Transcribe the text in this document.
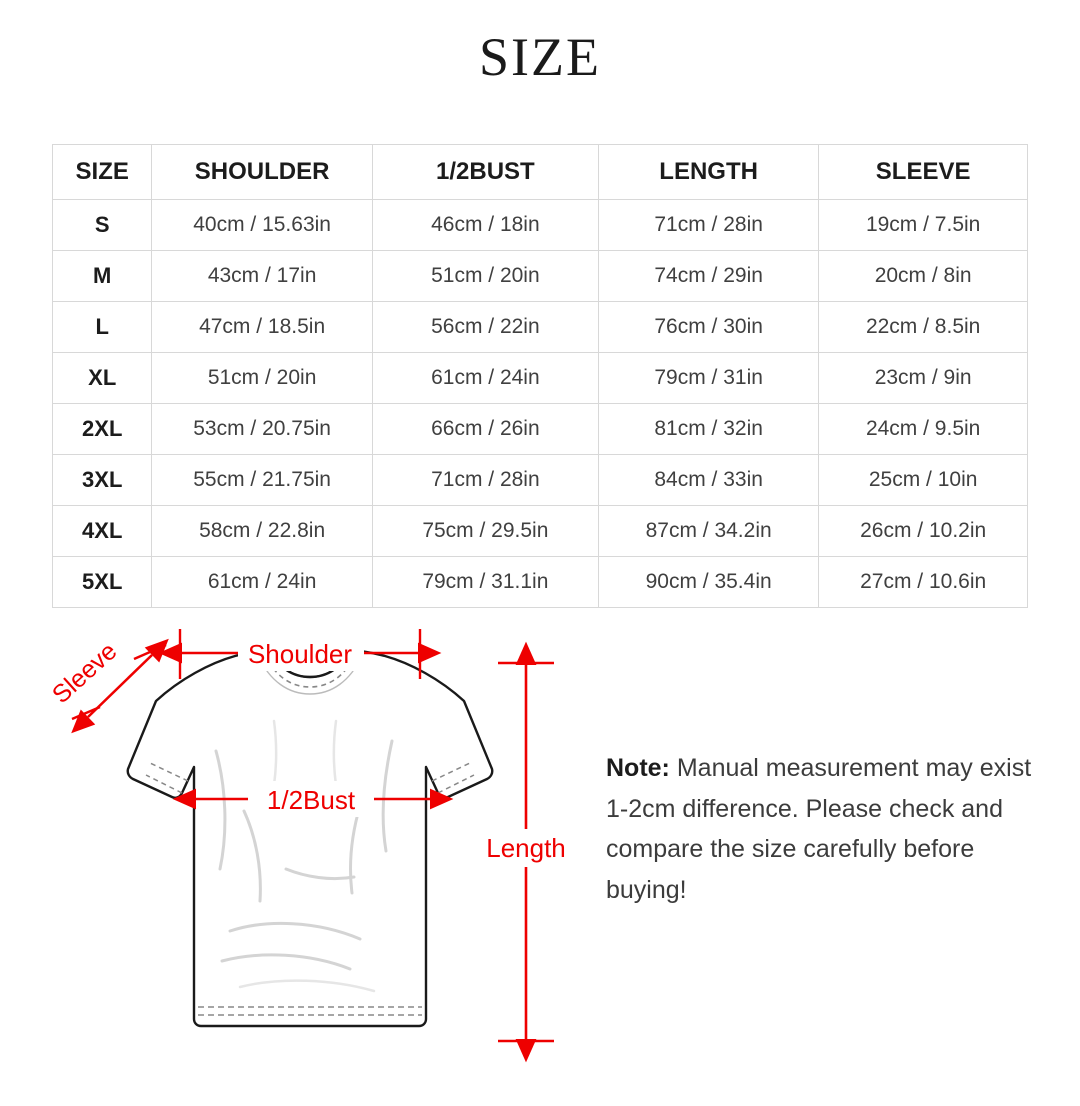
SIZE
SIZE	SHOULDER	1/2BUST	LENGTH	SLEEVE
S	40cm / 15.63in	46cm / 18in	71cm / 28in	19cm / 7.5in
M	43cm / 17in	51cm / 20in	74cm / 29in	20cm / 8in
L	47cm / 18.5in	56cm / 22in	76cm / 30in	22cm / 8.5in
XL	51cm / 20in	61cm / 24in	79cm / 31in	23cm / 9in
2XL	53cm / 20.75in	66cm / 26in	81cm / 32in	24cm / 9.5in
3XL	55cm / 21.75in	71cm / 28in	84cm / 33in	25cm / 10in
4XL	58cm / 22.8in	75cm / 29.5in	87cm / 34.2in	26cm / 10.2in
5XL	61cm / 24in	79cm / 31.1in	90cm / 35.4in	27cm / 10.6in
Shoulder
Sleeve
1/2Bust
Length
Note: Manual measurement may exist 1-2cm difference. Please check and compare the size carefully before buying!
